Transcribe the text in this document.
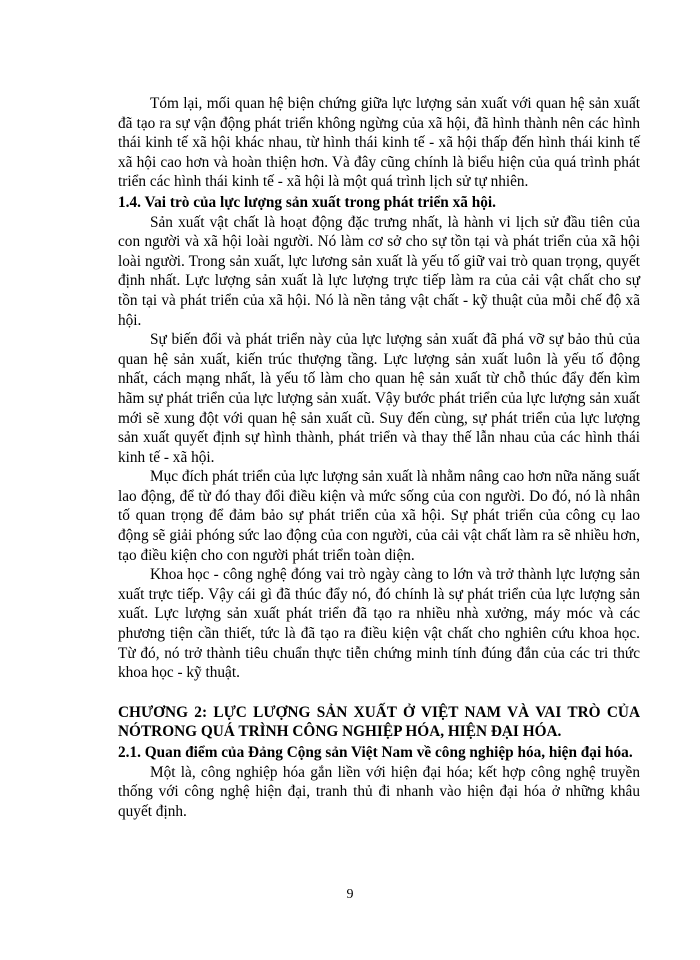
Tóm lại, mối quan hệ biện chứng giữa lực lượng sản xuất với quan hệ sản xuất đã tạo ra sự vận động phát triển không ngừng của xã hội, đã hình thành nên các hình thái kinh tế xã hội khác nhau, từ hình thái kinh tế - xã hội thấp đến hình thái kinh tế xã hội cao hơn và hoàn thiện hơn. Và đây cũng chính là biểu hiện của quá trình phát triển các hình thái kinh tế - xã hội là một quá trình lịch sử tự nhiên.

1.4. Vai trò của lực lượng sản xuất trong phát triển xã hội.

Sản xuất vật chất là hoạt động đặc trưng nhất, là hành vi lịch sử đầu tiên của con người và xã hội loài người. Nó làm cơ sở cho sự tồn tại và phát triển của xã hội loài người. Trong sản xuất, lực lương sản xuất là yếu tố giữ vai trò quan trọng, quyết định nhất. Lực lượng sản xuất là lực lượng trực tiếp làm ra của cải vật chất cho sự tồn tại và phát triển của xã hội. Nó là nền tảng vật chất - kỹ thuật của mỗi chế độ xã hội.

Sự biến đổi và phát triển này của lực lượng sản xuất đã phá vỡ sự bảo thủ của quan hệ sản xuất, kiến trúc thượng tầng. Lực lượng sản xuất luôn là yếu tố động nhất, cách mạng nhất, là yếu tố làm cho quan hệ sản xuất từ chỗ thúc đẩy đến kìm hãm sự phát triển của lực lượng sản xuất. Vậy bước phát triển của lực lượng sản xuất mới sẽ xung đột với quan hệ sản xuất cũ. Suy đến cùng, sự phát triển của lực lượng sản xuất quyết định sự hình thành, phát triển và thay thế lẫn nhau của các hình thái kinh tế - xã hội.

Mục đích phát triển của lực lượng sản xuất là nhằm nâng cao hơn nữa năng suất lao động, để từ đó thay đổi điều kiện và mức sống của con người. Do đó, nó là nhân tố quan trọng để đảm bảo sự phát triển của xã hội. Sự phát triển của công cụ lao động sẽ giải phóng sức lao động của con người, của cải vật chất làm ra sẽ nhiều hơn, tạo điều kiện cho con người phát triển toàn diện.

Khoa học - công nghệ đóng vai trò ngày càng to lớn và trở thành lực lượng sản xuất trực tiếp. Vậy cái gì đã thúc đẩy nó, đó chính là sự phát triển của lực lượng sản xuất. Lực lượng sản xuất phát triển đã tạo ra nhiều nhà xưởng, máy móc và các phương tiện cần thiết, tức là đã tạo ra điều kiện vật chất cho nghiên cứu khoa học. Từ đó, nó trở thành tiêu chuẩn thực tiễn chứng minh tính đúng đắn của các tri thức khoa học - kỹ thuật.

CHƯƠNG 2: LỰC LƯỢNG SẢN XUẤT Ở VIỆT NAM VÀ VAI TRÒ CỦA NÓTRONG QUÁ TRÌNH CÔNG NGHIỆP HÓA, HIỆN ĐẠI HÓA.
2.1. Quan điểm của Đảng Cộng sản Việt Nam về công nghiệp hóa, hiện đại hóa.

Một là, công nghiệp hóa gắn liền với hiện đại hóa; kết hợp công nghệ truyền thống với công nghệ hiện đại, tranh thủ đi nhanh vào hiện đại hóa ở những khâu quyết định.

9
